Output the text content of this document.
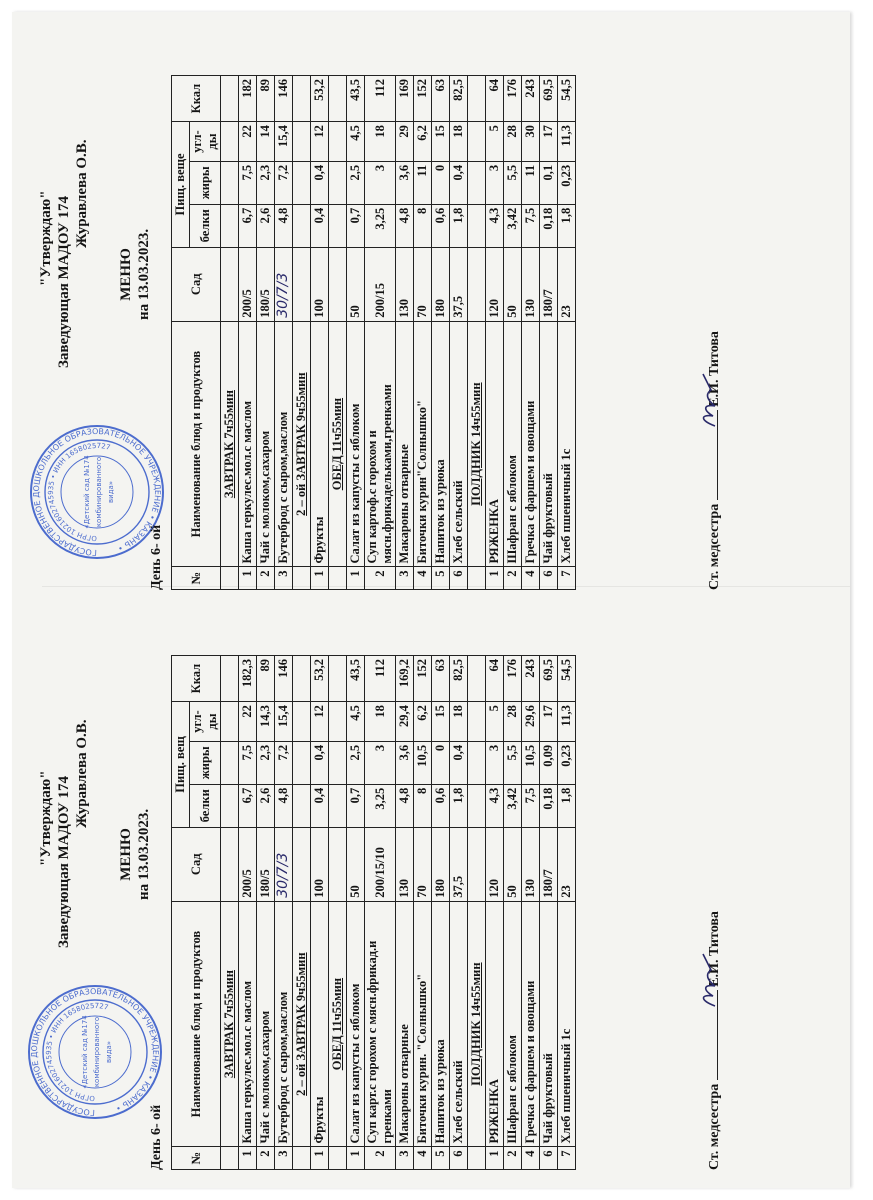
ГОСУДАРСТВЕННОЕ ДОШКОЛЬНОЕ ОБРАЗОВАТЕЛЬНОЕ УЧРЕЖДЕНИЕ • КАЗАНЬ •
ОГРН 1021602745935 • ИНН 1658025727
«Детский сад №174 комбинированного вида»
"Утверждаю" Заведующая МАДОУ 174
Журавлева О.В.
МЕНЮ на 13.03.2023.
День 6- ой №	Наименование блюд и продуктов	Сад	Пищ. вещ			Ккал
			белки	жиры	угл-ды	
	ЗАВТРАК 7ч55мин					
1	Каша геркулес.мол.с маслом	200/5	6,7	7,5	22	182,3
2	Чай с молоком,сахаром	180/5	2,6	2,3	14,3	89
3	Бутерброд с сыром,маслом	30/7/3	4,8	7,2	15,4	146
	2 – ой ЗАВТРАК 9ч55мин					
1	Фрукты	100	0,4	0,4	12	53,2
	ОБЕД 11ч55мин					
1	Салат из капусты с яблоком	50	0,7	2,5	4,5	43,5
2	Суп карт.с горохом с мясн.фрикад.и гренками	200/15/10	3,25	3	18	112
3	Макароны отварные	130	4,8	3,6	29,4	169,2
4	Биточки курин. "Солнышко"	70	8	10,5	6,2	152
5	Напиток из урюка	180	0,6	0	15	63
6	Хлеб сельский	37,5	1,8	0,4	18	82,5
	ПОЛДНИК 14ч55мин					
1	РЯЖЕНКА	120	4,3	3	5	64
2	Шафран с яблоком	50	3,42	5,5	28	176
4	Гречка с фаршем и овощами	130	7,5	10,5	29,6	243
6	Чай фруктовый	180/7	0,18	0,09	17	69,5
7	Хлеб пшеничный 1с	23	1,8	0,23	11,3	54,5
Ст. медсестра
Е.И. Титова
ГОСУДАРСТВЕННОЕ ДОШКОЛЬНОЕ ОБРАЗОВАТЕЛЬНОЕ УЧРЕЖДЕНИЕ • КАЗАНЬ •
ОГРН 1021602745935 • ИНН 1658025727
«Детский сад №174 комбинированного вида»
"Утверждаю" Заведующая МАДОУ 174
Журавлева О.В.
МЕНЮ на 13.03.2023.
День 6- ой №	Наименование блюд и продуктов	Сад	Пищ. веще			Ккал
			белки	жиры	угл-ды	
	ЗАВТРАК 7ч55мин					
1	Каша геркулес.мол.с маслом	200/5	6,7	7,5	22	182
2	Чай с молоком,сахаром	180/5	2,6	2,3	14	89
3	Бутерброд с сыром,маслом	30/7/3	4,8	7,2	15,4	146
	2 – ой ЗАВТРАК 9ч55мин					
1	Фрукты	100	0,4	0,4	12	53,2
	ОБЕД 11ч55мин					
1	Салат из капусты с яблоком	50	0,7	2,5	4,5	43,5
2	Суп картоф.с горохом и мясн.фрикадельками,гренками	200/15	3,25	3	18	112
3	Макароны отварные	130	4,8	3,6	29	169
4	Биточки курин"Солнышко"	70	8	11	6,2	152
5	Напиток из урюка	180	0,6	0	15	63
6	Хлеб сельский	37,5	1,8	0,4	18	82,5
	ПОЛДНИК 14ч55мин					
1	РЯЖЕНКА	120	4,3	3	5	64
2	Шафран с яблоком	50	3,42	5,5	28	176
4	Гречка с фаршем и овощами	130	7,5	11	30	243
6	Чай фруктовый	180/7	0,18	0,1	17	69,5
7	Хлеб пшеничный 1с	23	1,8	0,23	11,3	54,5
Ст. медсестра
Е.И. Титова
